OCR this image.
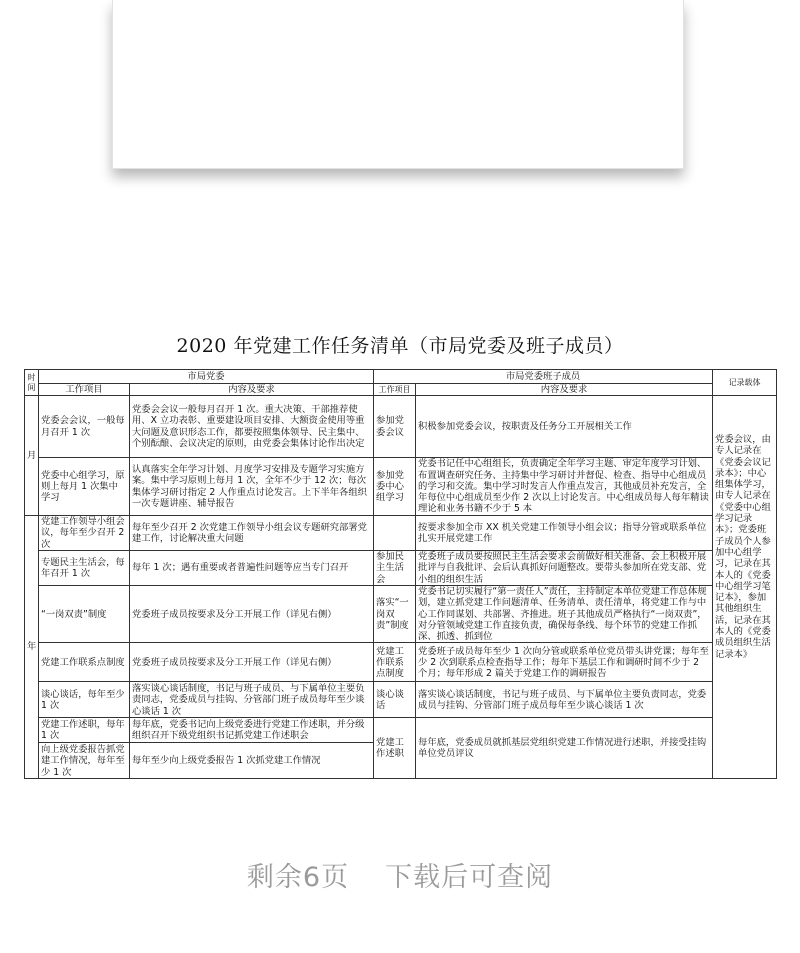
2020 年党建工作任务清单（市局党委及班子成员）
时间	市局党委		市局党委班子成员		记录载体
	工作项目	内容及要求	工作项目	内容及要求	
月	党委会会议，一般每月召开 1 次	党委会会议一般每月召开 1 次。重大决策、干部推荐使用、X 立功表彰、重要建设项目安排、大额资金使用等重大问题及意识形态工作，都要按照集体领导、民主集中、个别酝酿、会议决定的原则，由党委会集体讨论作出决定	参加党委会议	积极参加党委会议，按职责及任务分工开展相关工作	党委会议，由专人记录在《党委会议记录本》；中心组集体学习，由专人记录在《党委中心组学习记录本》；党委班子成员个人参加中心组学习，记录在其本人的《党委中心组学习笔记本》，参加其他组织生活，记录在其本人的《党委成员组织生活记录本》
	党委中心组学习，原则上每月 1 次集中学习	认真落实全年学习计划、月度学习安排及专题学习实施方案。集中学习原则上每月 1 次，全年不少于 12 次；每次集体学习研讨指定 2 人作重点讨论发言。上下半年各组织一次专题讲座、辅导报告	参加党委中心组学习	党委书记任中心组组长，负责确定全年学习主题、审定年度学习计划、布置调查研究任务、主持集中学习研讨并督促、检查、指导中心组成员的学习和交流。集中学习时发言人作重点发言，其他成员补充发言，全年每位中心组成员至少作 2 次以上讨论发言。中心组成员每人每年精读理论和业务书籍不少于 5 本	
年	党建工作领导小组会议，每年至少召开 2 次	每年至少召开 2 次党建工作领导小组会议专题研究部署党建工作，讨论解决重大问题		按要求参加全市 XX 机关党建工作领导小组会议；指导分管或联系单位扎实开展党建工作	
	专题民主生活会，每年召开 1 次	每年 1 次；遇有重要或者普遍性问题等应当专门召开	参加民主生活会	党委班子成员要按照民主生活会要求会前做好相关准备、会上积极开展批评与自我批评、会后认真抓好问题整改。要带头参加所在党支部、党小组的组织生活	
	“一岗双责”制度	党委班子成员按要求及分工开展工作（详见右侧）	落实“一岗双责”制度	党委书记切实履行“第一责任人”责任，主持制定本单位党建工作总体规划，建立抓党建工作问题清单、任务清单、责任清单，将党建工作与中心工作同谋划、共部署、齐推进。班子其他成员严格执行“一岗双责”，对分管领域党建工作直接负责，确保每条线、每个环节的党建工作抓深、抓透、抓到位	
	党建工作联系点制度	党委班子成员按要求及分工开展工作（详见右侧）	党建工作联系点制度	党委班子成员每年至少 1 次向分管或联系单位党员带头讲党课；每年至少 2 次到联系点检查指导工作；每年下基层工作和调研时间不少于 2 个月；每年形成 2 篇关于党建工作的调研报告	
	谈心谈话，每年至少 1 次	落实谈心谈话制度，书记与班子成员、与下属单位主要负责同志，党委成员与挂钩、分管部门班子成员每年至少谈心谈话 1 次	谈心谈话	落实谈心谈话制度，书记与班子成员、与下属单位主要负责同志，党委成员与挂钩、分管部门班子成员每年至少谈心谈话 1 次	
	党建工作述职，每年 1 次	每年底，党委书记向上级党委进行党建工作述职，并分级组织召开下级党组织书记抓党建工作述职会	党建工作述职	每年底，党委成员就抓基层党组织党建工作情况进行述职，并接受挂钩单位党员评议	
	向上级党委报告抓党建工作情况，每年至少 1 次	每年至少向上级党委报告 1 次抓党建工作情况			
剩余6页 下载后可查阅
